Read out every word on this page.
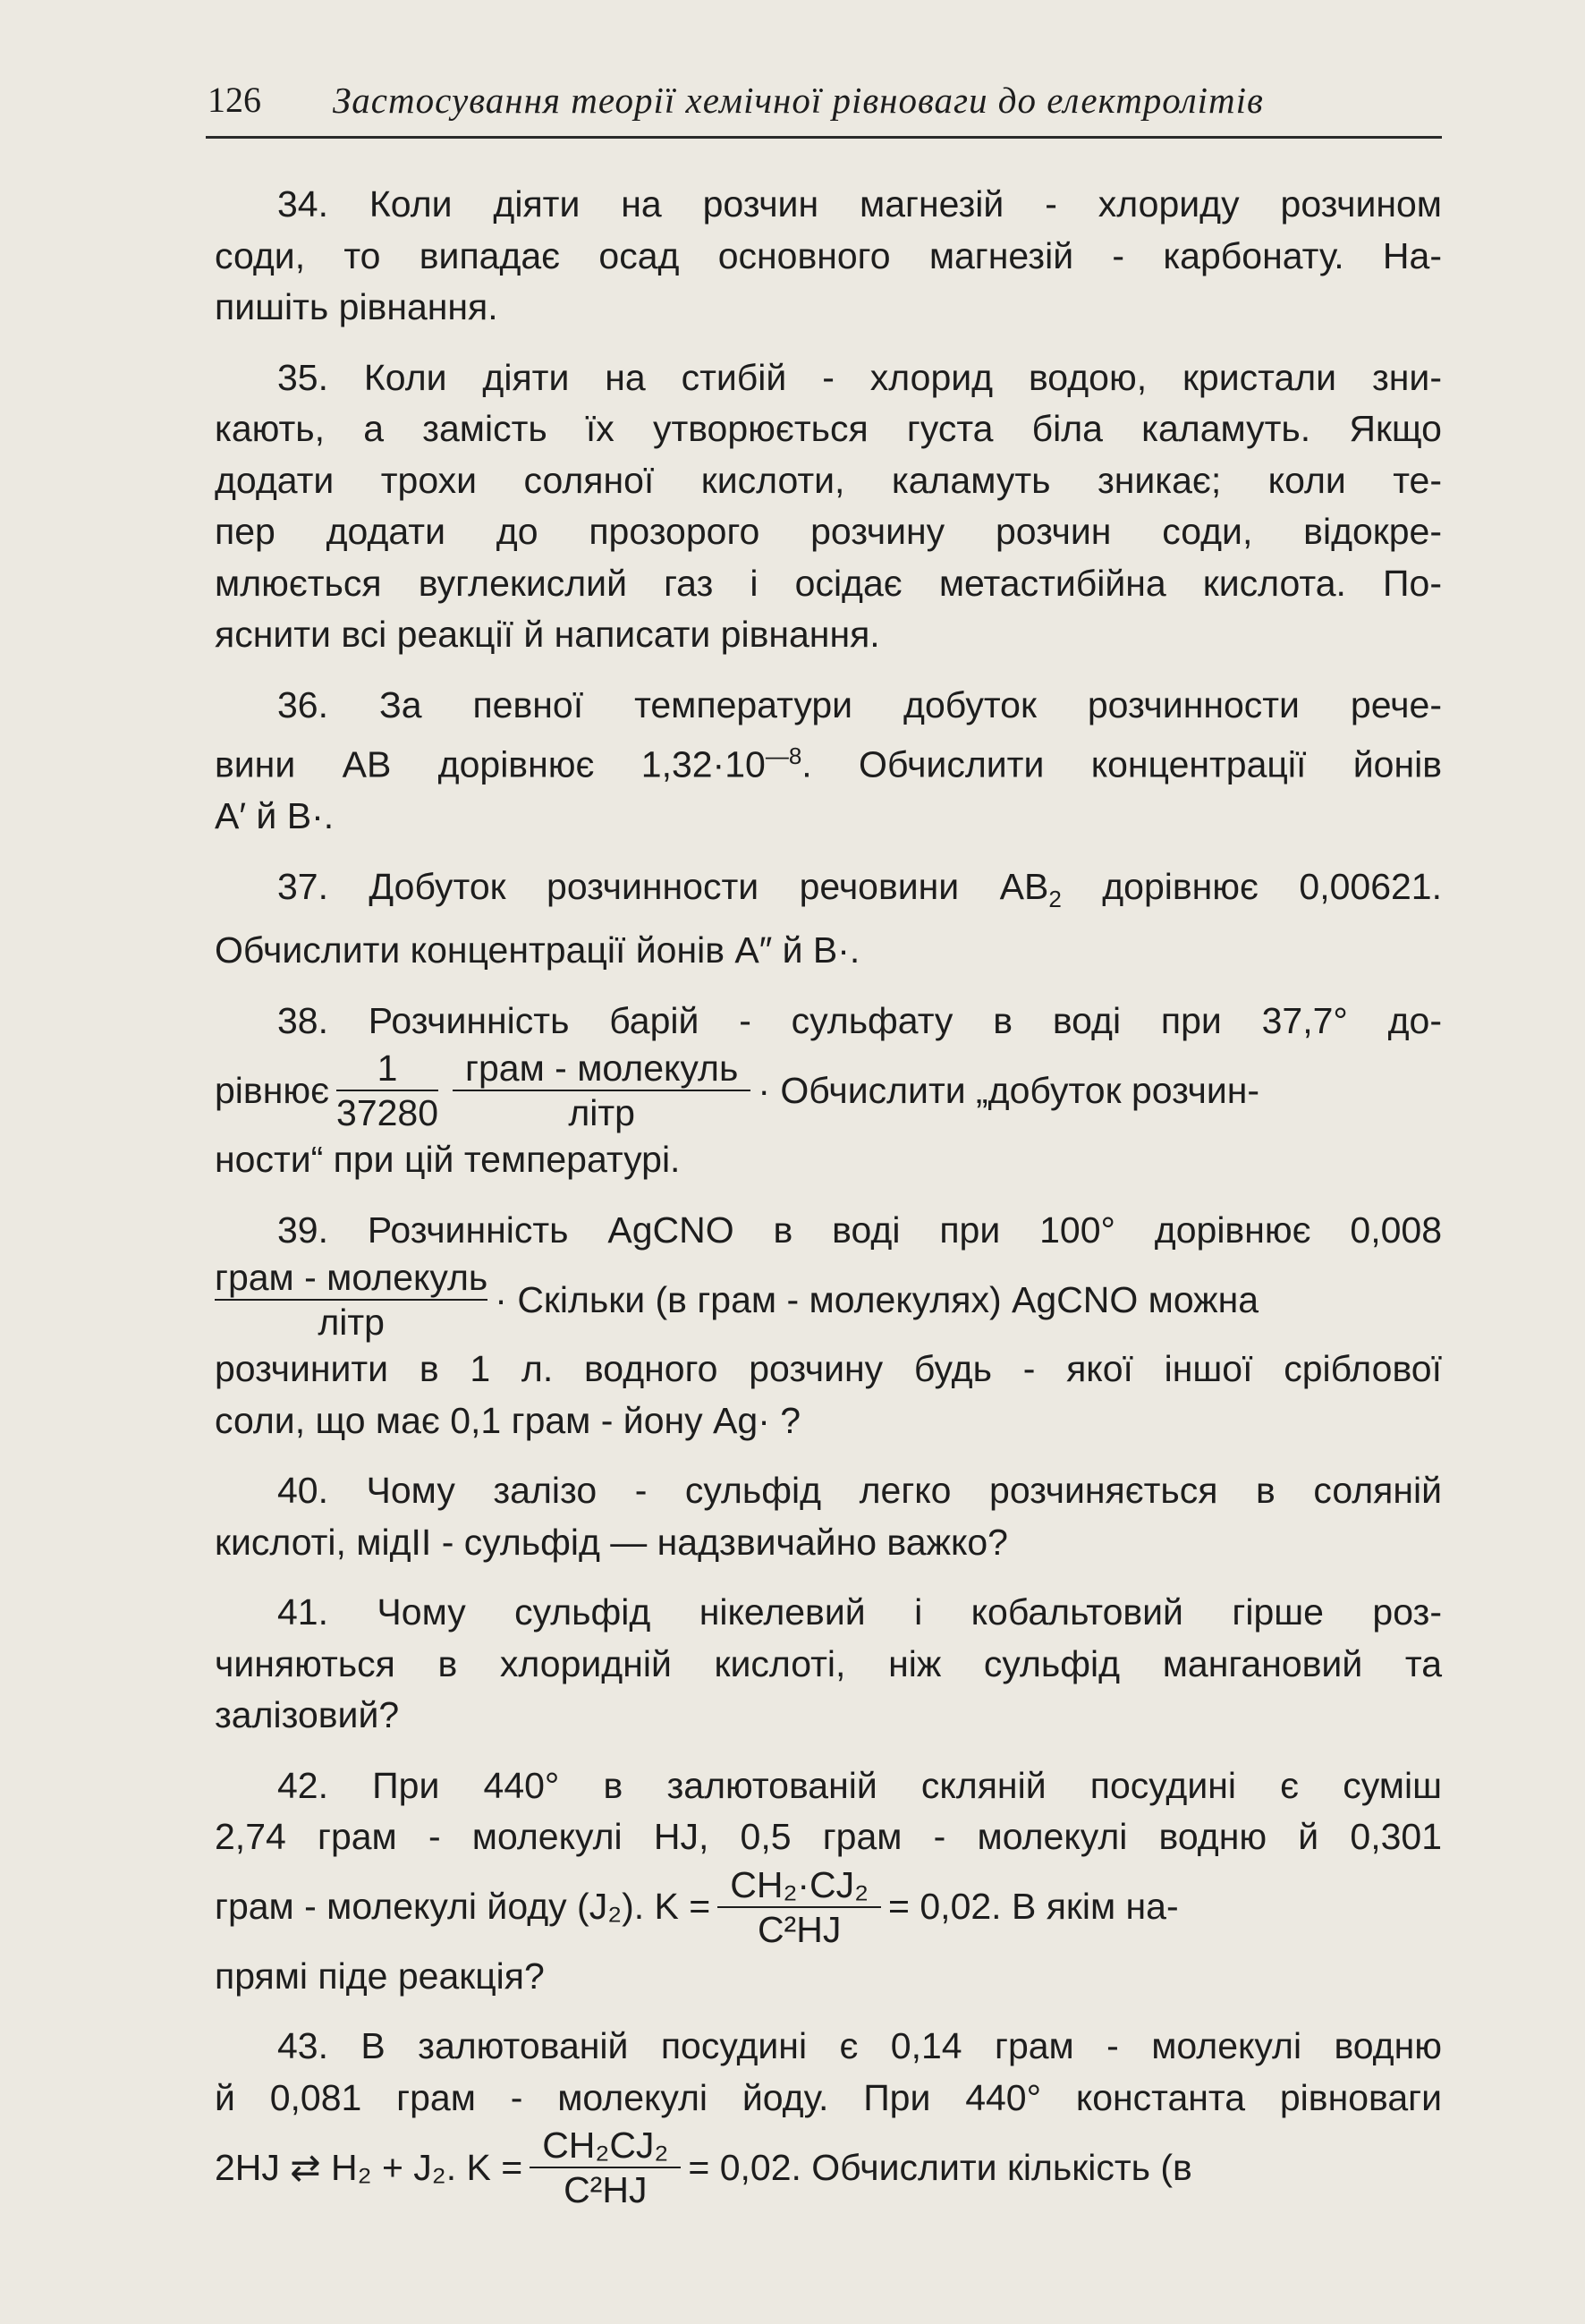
126 Застосування теорії хемічної рівноваги до електролітів
34. Коли діяти на розчин магнезій - хлориду розчином
соди, то випадає осад основного магнезій - карбонату. На-
пишіть рівнання.
35. Коли діяти на стибій - хлорид водою, кристали зни-
кають, а замість їх утворюється густа біла каламуть. Якщо
додати трохи соляної кислоти, каламуть зникає; коли те-
пер додати до прозорого розчину розчин соди, відокре-
млюється вуглекислий газ і осідає метастибійна кислота. По-
яснити всі реакції й написати рівнання.
36. За певної температури добуток розчинности рече-
вини АВ дорівнює $1,32\cdot 10^{—8}$. Обчислити концентрації йонів
А′ й В·.
37. Добуток розчинности речовини $АВ_2$ дорівнює 0,00621.
Обчислити концентрації йонів А″ й В·.
38. Розчинність барій - сульфату в воді при 37,7° до-
рівнює $\frac{1}{37280} \frac{\text{грам - молекуль}}{\text{літр}}$ · Обчислити „добуток розчин-
ности“ при цій температурі.
39. Розчинність AgCNO в воді при 100° дорівнює 0,008
$\frac{\text{грам - молекуль}}{\text{літр}}$ · Скільки (в грам - молекулях) AgCNO можна
розчинити в 1 л. водного розчину будь - якої іншої сріблової
соли, що має 0,1 грам - йону Ag· ?
40. Чому залізо - сульфід легко розчиняється в соляній
кислоті, мідІІ - сульфід — надзвичайно важко?
41. Чому сульфід нікелевий і кобальтовий гірше роз-
чиняються в хлоридній кислоті, ніж сульфід мангановий та
залізовий?
42. При 440° в залютованій скляній посудині є суміш
2,74 грам - молекулі HJ, 0,5 грам - молекулі водню й 0,301
грам - молекулі йоду (J₂). $K = \frac{\text{CH₂·CJ₂}}{\text{C²HJ}} = 0,02$. В якім на-
прямі піде реакція?
43. В залютованій посудині є 0,14 грам - молекулі водню
й 0,081 грам - молекулі йоду. При 440° константа рівноваги
2HJ ⇄ H₂ + J₂. $K = \frac{\text{CH₂CJ₂}}{\text{C²HJ}} = 0,02$. Обчислити кількість (в
